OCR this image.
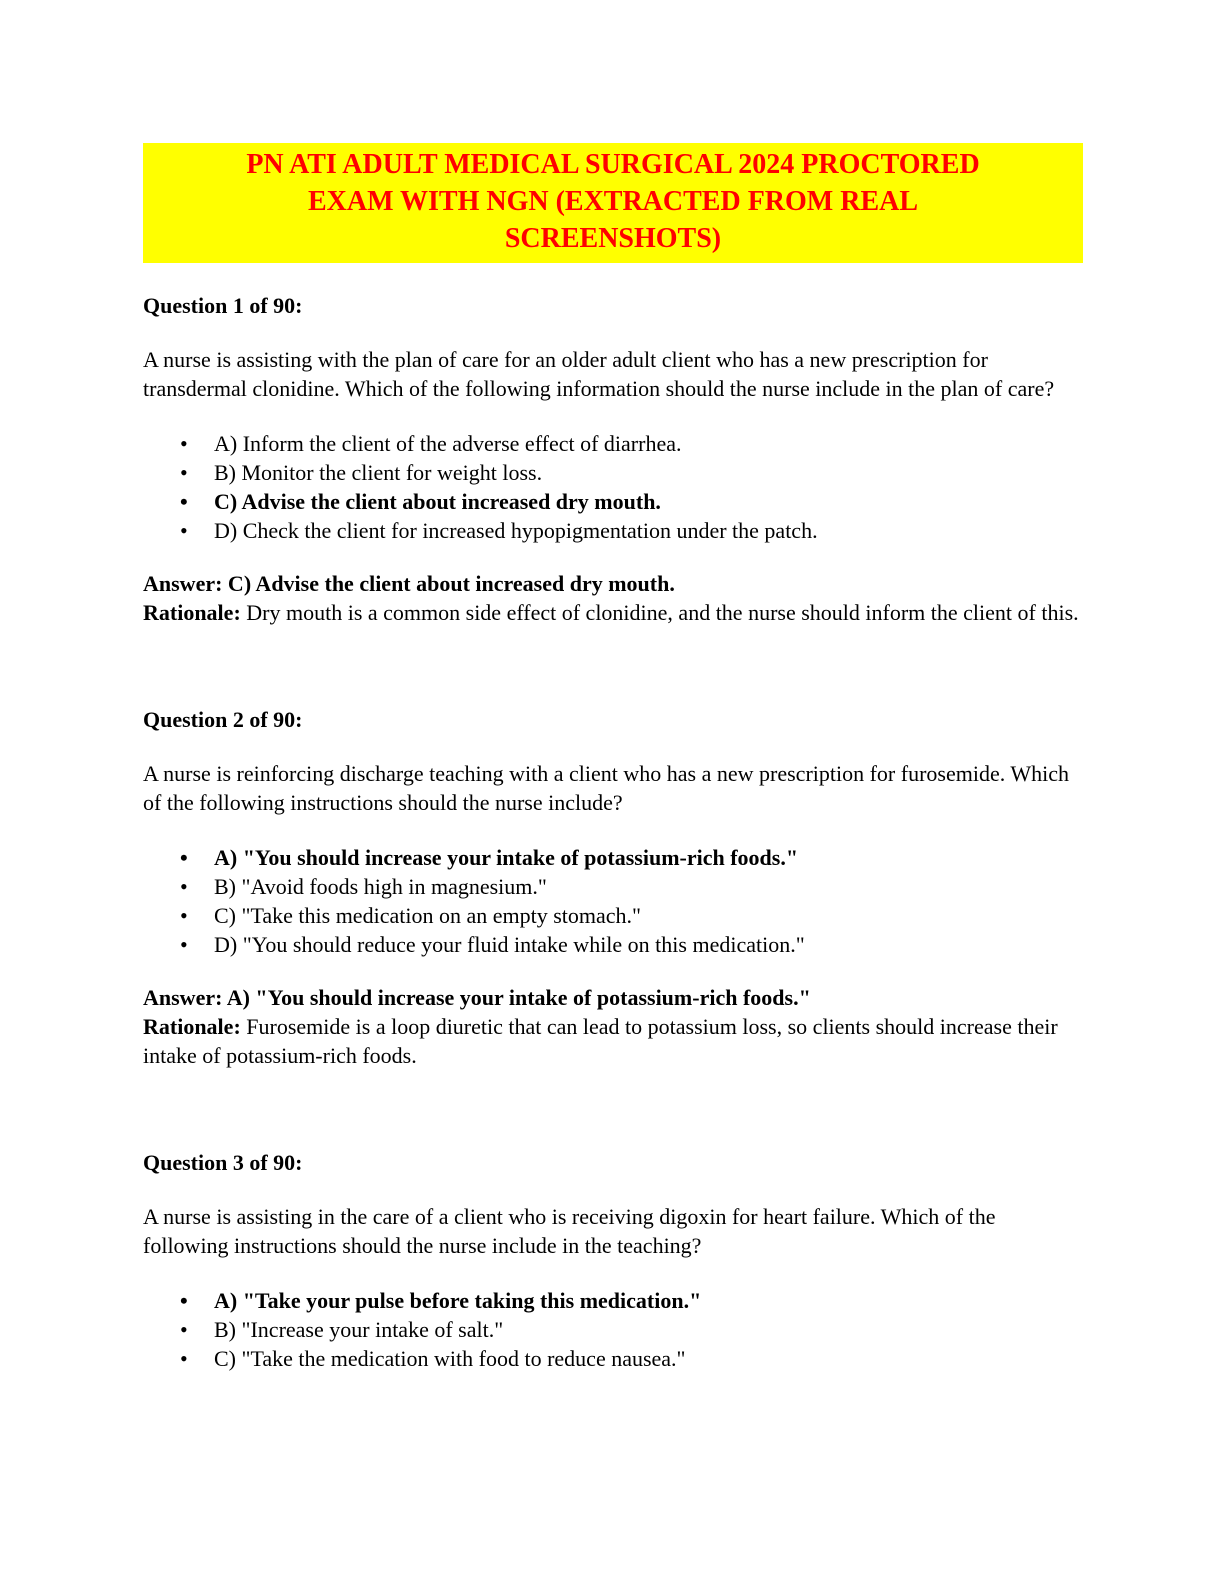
PN ATI ADULT MEDICAL SURGICAL 2024 PROCTORED
EXAM WITH NGN (EXTRACTED FROM REAL
SCREENSHOTS)

Question 1 of 90:

A nurse is assisting with the plan of care for an older adult client who has a new prescription for transdermal clonidine. Which of the following information should the nurse include in the plan of care?

• A) Inform the client of the adverse effect of diarrhea.
• B) Monitor the client for weight loss.
• C) Advise the client about increased dry mouth.
• D) Check the client for increased hypopigmentation under the patch.

Answer: C) Advise the client about increased dry mouth.

Rationale: Dry mouth is a common side effect of clonidine, and the nurse should inform the client of this.

Question 2 of 90:

A nurse is reinforcing discharge teaching with a client who has a new prescription for furosemide. Which of the following instructions should the nurse include?

• A) "You should increase your intake of potassium-rich foods."
• B) "Avoid foods high in magnesium."
• C) "Take this medication on an empty stomach."
• D) "You should reduce your fluid intake while on this medication."

Answer: A) "You should increase your intake of potassium-rich foods."

Rationale: Furosemide is a loop diuretic that can lead to potassium loss, so clients should increase their intake of potassium-rich foods.

Question 3 of 90:

A nurse is assisting in the care of a client who is receiving digoxin for heart failure. Which of the following instructions should the nurse include in the teaching?

• A) "Take your pulse before taking this medication."
• B) "Increase your intake of salt."
• C) "Take the medication with food to reduce nausea."
